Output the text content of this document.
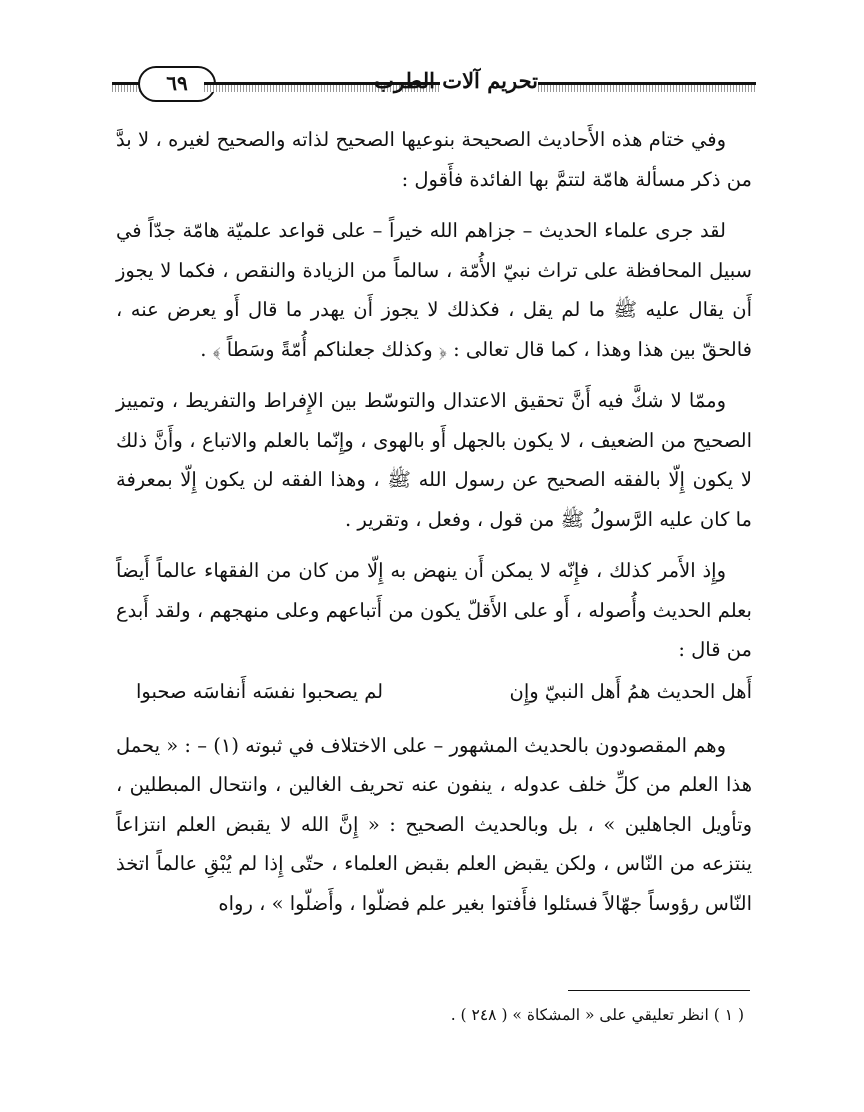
٦٩	تحريم آلات الطرب

وفي ختام هذه الأَحاديث الصحيحة بنوعيها الصحيح لذاته والصحيح لغيره ، لا بدَّ من ذكر مسألة هامّة لتتمَّ بها الفائدة فأَقول :

لقد جرى علماء الحديث – جزاهم الله خيراً – على قواعد علميّة هامّة جدّاً في سبيل المحافظة على تراث نبيّ الأُمّة ، سالماً من الزيادة والنقص ، فكما لا يجوز أَن يقال عليه ﷺ ما لم يقل ، فكذلك لا يجوز أَن يهدر ما قال أَو يعرض عنه ، فالحقّ بين هذا وهذا ، كما قال تعالى : ﴿ وكذلك جعلناكم أُمّةً وسَطاً ﴾ .

وممّا لا شكَّ فيه أَنَّ تحقيق الاعتدال والتوسّط بين الإِفراط والتفريط ، وتمييز الصحيح من الضعيف ، لا يكون بالجهل أَو بالهوى ، وإِنّما بالعلم والاتباع ، وأَنَّ ذلك لا يكون إِلّا بالفقه الصحيح عن رسول الله ﷺ ، وهذا الفقه لن يكون إِلّا بمعرفة ما كان عليه الرَّسولُ ﷺ من قول ، وفعل ، وتقرير .

وإِذ الأَمر كذلك ، فإِنّه لا يمكن أَن ينهض به إِلّا من كان من الفقهاء عالماً أَيضاً بعلم الحديث وأُصوله ، أَو على الأَقلّ يكون من أَتباعهم وعلى منهجهم ، ولقد أَبدع من قال :

أَهل الحديث همُ أَهل النبيّ وإِن
لم يصحبوا نفسَه أَنفاسَه صحبوا

وهم المقصودون بالحديث المشهور – على الاختلاف في ثبوته (١) – : « يحمل هذا العلم من كلِّ خلف عدوله ، ينفون عنه تحريف الغالين ، وانتحال المبطلين ، وتأويل الجاهلين » ، بل وبالحديث الصحيح : « إِنَّ الله لا يقبض العلم انتزاعاً ينتزعه من النّاس ، ولكن يقبض العلم بقبض العلماء ، حتّى إِذا لم يُبْقِ عالماً اتخذ النّاس رؤوساً جهّالاً فسئلوا فأَفتوا بغير علم فضلّوا ، وأَضلّوا » ، رواه

( ١ ) انظر تعليقي على « المشكاة » ( ٢٤٨ ) .
